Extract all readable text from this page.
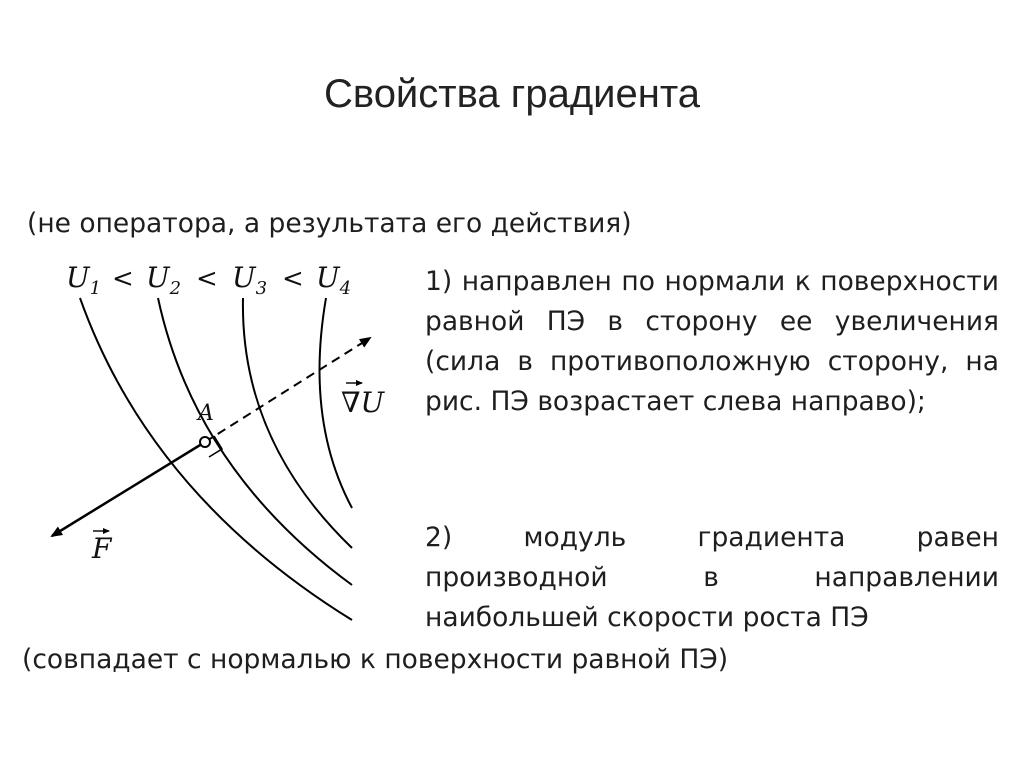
Свойства градиента
(не оператора, а результата его действия)
$U_1 < U_2 < U_3 < U_4$
A	∇U
F
1) направлен по нормали к поверхности равной ПЭ в сторону ее увеличения (сила в противоположную сторону, на рис. ПЭ возрастает слева направо);
2) модуль градиента равен производной в направлении наибольшей скорости роста ПЭ
(совпадает с нормалью к поверхности равной ПЭ)
